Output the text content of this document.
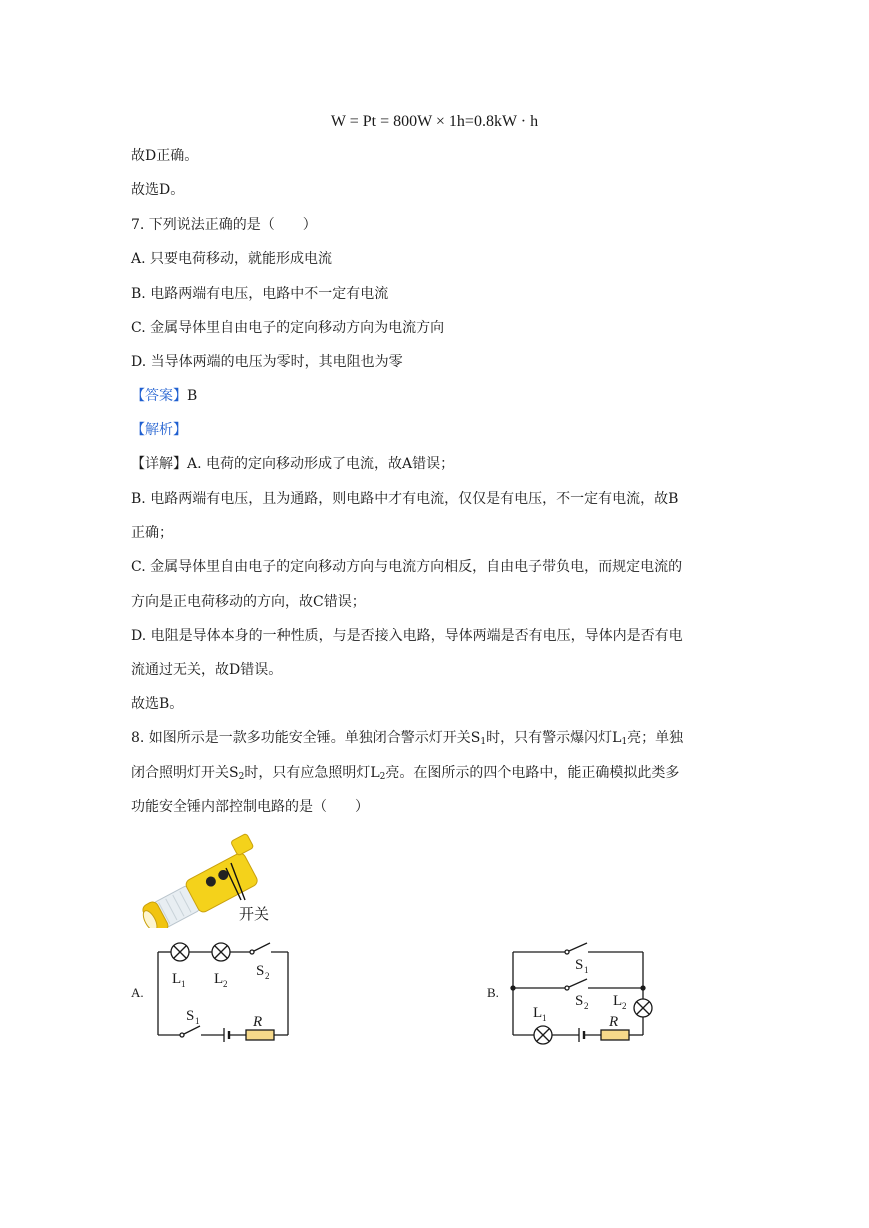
W = Pt = 800W × 1h=0.8kW · h
故D正确。
故选D。
7. 下列说法正确的是（　　）
A. 只要电荷移动，就能形成电流
B. 电路两端有电压，电路中不一定有电流
C. 金属导体里自由电子的定向移动方向为电流方向
D. 当导体两端的电压为零时，其电阻也为零
【答案】B
【解析】
【详解】A. 电荷的定向移动形成了电流，故A错误；
B. 电路两端有电压，且为通路，则电路中才有电流，仅仅是有电压，不一定有电流，故B
正确；
C. 金属导体里自由电子的定向移动方向与电流方向相反，自由电子带负电，而规定电流的
方向是正电荷移动的方向，故C错误；
D. 电阻是导体本身的一种性质，与是否接入电路，导体两端是否有电压，导体内是否有电
流通过无关，故D错误。
故选B。
8. 如图所示是一款多功能安全锤。单独闭合警示灯开关$S_1$时，只有警示爆闪灯$L_1$亮；单独
闭合照明灯开关$S_2$时，只有应急照明灯$L_2$亮。在图所示的四个电路中，能正确模拟此类多
功能安全锤内部控制电路的是（　　）
开关
A.
L 1 L 2
S 2
S 1	R
B.
S 1
S 2 L 2
L 1	R
